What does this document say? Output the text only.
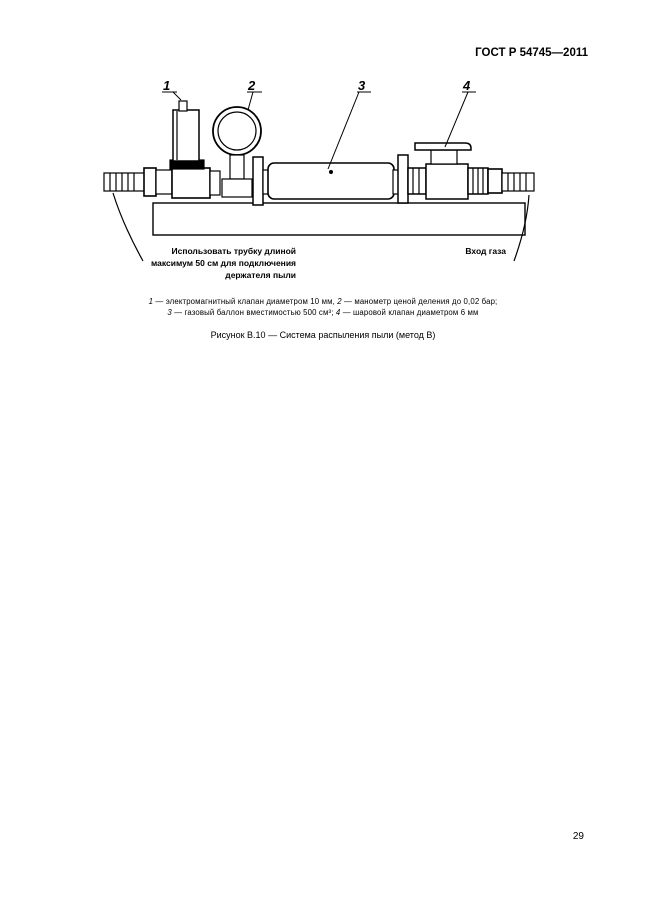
ГОСТ Р 54745—2011
1	2	3	4
Использовать трубку длиной
максимум 50 см для подключения
держателя пыли
Вход газа
1 — электромагнитный клапан диаметром 10 мм, 2 — манометр ценой деления до 0,02 бар;
3 — газовый баллон вместимостью 500 см³; 4 — шаровой клапан диаметром 6 мм
Рисунок В.10 — Система распыления пыли (метод В)
29
